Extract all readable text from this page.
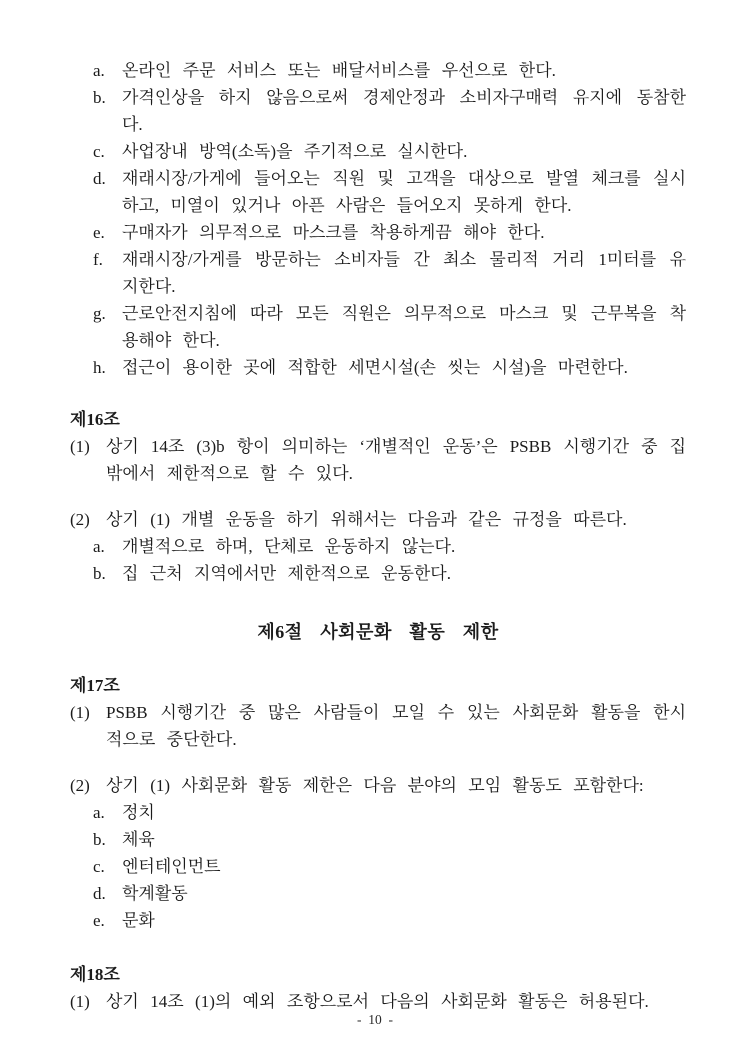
a.	온라인 주문 서비스 또는 배달서비스를 우선으로 한다.
b. 가격인상을 하지 않음으로써 경제안정과 소비자구매력 유지에 동참한다.
c.	사업장내 방역(소독)을 주기적으로 실시한다.
d. 재래시장/가게에 들어오는 직원 및 고객을 대상으로 발열 체크를 실시하고, 미열이 있거나 아픈 사람은 들어오지 못하게 한다.
e.	구매자가 의무적으로 마스크를 착용하게끔 해야 한다.
f.	재래시장/가게를 방문하는 소비자들 간 최소 물리적 거리 1미터를 유지한다.
g. 근로안전지침에 따라 모든 직원은 의무적으로 마스크 및 근무복을 착용해야 한다.
h. 접근이 용이한 곳에 적합한 세면시설(손 씻는 시설)을 마련한다.
제16조
(1) 상기 14조 (3)b 항이 의미하는 ‘개별적인 운동’은 PSBB 시행기간 중 집밖에서 제한적으로 할 수 있다.
(2) 상기 (1) 개별 운동을 하기 위해서는 다음과 같은 규정을 따른다.
a.	개별적으로 하며, 단체로 운동하지 않는다.
b. 집 근처 지역에서만 제한적으로 운동한다.
제6절 사회문화 활동 제한
제17조
(1) PSBB 시행기간 중 많은 사람들이 모일 수 있는 사회문화 활동을 한시적으로 중단한다.
(2) 상기 (1) 사회문화 활동 제한은 다음 분야의 모임 활동도 포함한다:
a.	정치
b. 체육
c.	엔터테인먼트
d. 학계활동
e.	문화
제18조
(1) 상기 14조 (1)의 예외 조항으로서 다음의 사회문화 활동은 허용된다.
- 10 -
